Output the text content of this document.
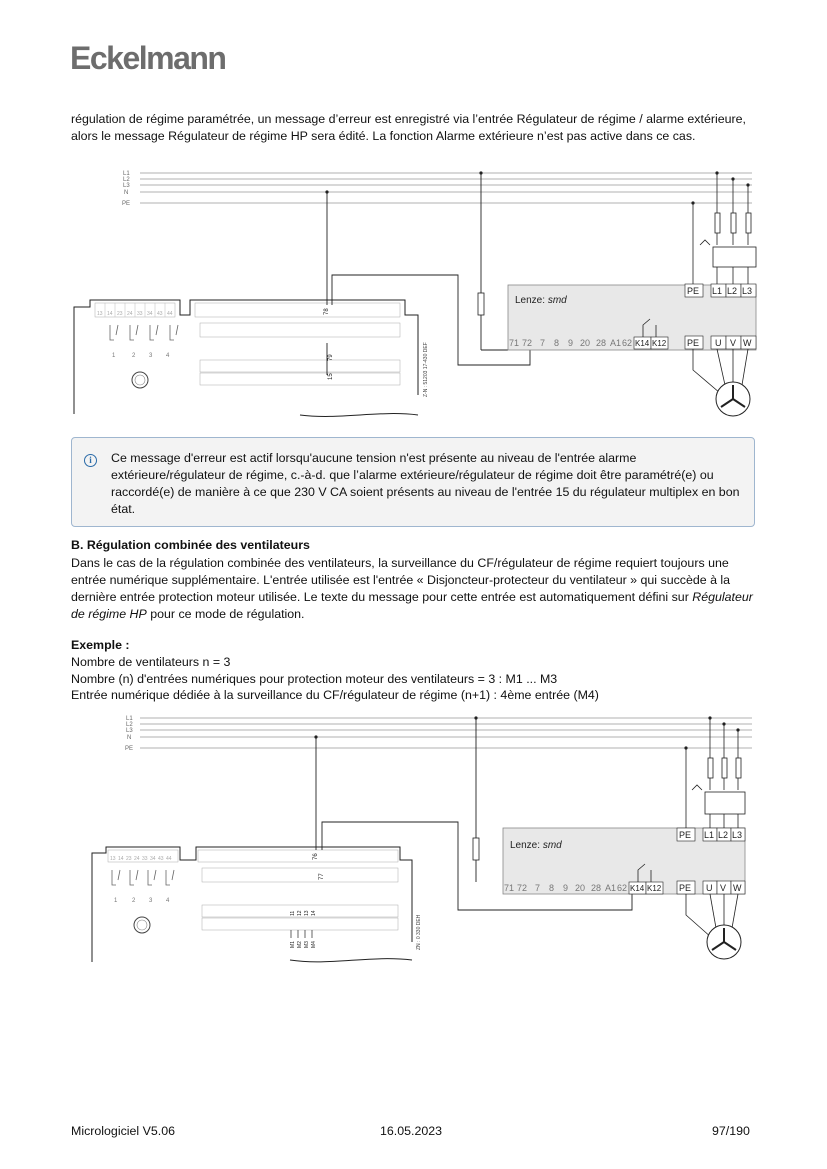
Eckelmann

régulation de régime paramétrée, un message d’erreur est enregistré via l’entrée Régulateur de régime / alarme extérieure, alors le message Régulateur de régime HP sera édité. La fonction Alarme extérieure n’est pas active dans ce cas.

L1
L2
L3
N
PE
13 14 23 24 33 34 43 44
1	2 3 4
78
79
15	Z-N : 51203 17-430 DEF
Lenze: smd
PE L1 L2 L3
71 72 7 8 9 20 28 A1 62 K14 K12 PE U V W
i	Ce message d'erreur est actif lorsqu'aucune tension n'est présente au niveau de l'entrée alarme extérieure/régulateur de régime, c.-à-d. que l’alarme extérieure/régulateur de régime doit être paramétré(e) ou raccordé(e) de manière à ce que 230 V CA soient présents au niveau de l'entrée 15 du régulateur multiplex en bon état.

B. Régulation combinée des ventilateurs

Dans le cas de la régulation combinée des ventilateurs, la surveillance du CF/régulateur de régime requiert toujours une entrée numérique supplémentaire. L'entrée utilisée est l'entrée « Disjoncteur-protecteur du ventilateur » qui succède à la dernière entrée protection moteur utilisée. Le texte du message pour cette entrée est automatiquement défini sur Régulateur de régime HP pour ce mode de régulation.

Exemple :
Nombre de ventilateurs n = 3
Nombre (n) d'entrées numériques pour protection moteur des ventilateurs = 3 : M1 ... M3
Entrée numérique dédiée à la surveillance du CF/régulateur de régime (n+1) : 4ème entrée (M4)
L1
L2
L3
N
PE
13 14 23 24 33 34 43 44
1 2 3 4
76
77
11 12 13 14
M1 M2 M3 M4	ZN : 0 330 DEH
Lenze: smd
PE L1 L2 L3
71 72 7 8 9 20 28 A1 62 K14 K12 PE U V W
Micrologiciel V5.06	16.05.2023	97/190
